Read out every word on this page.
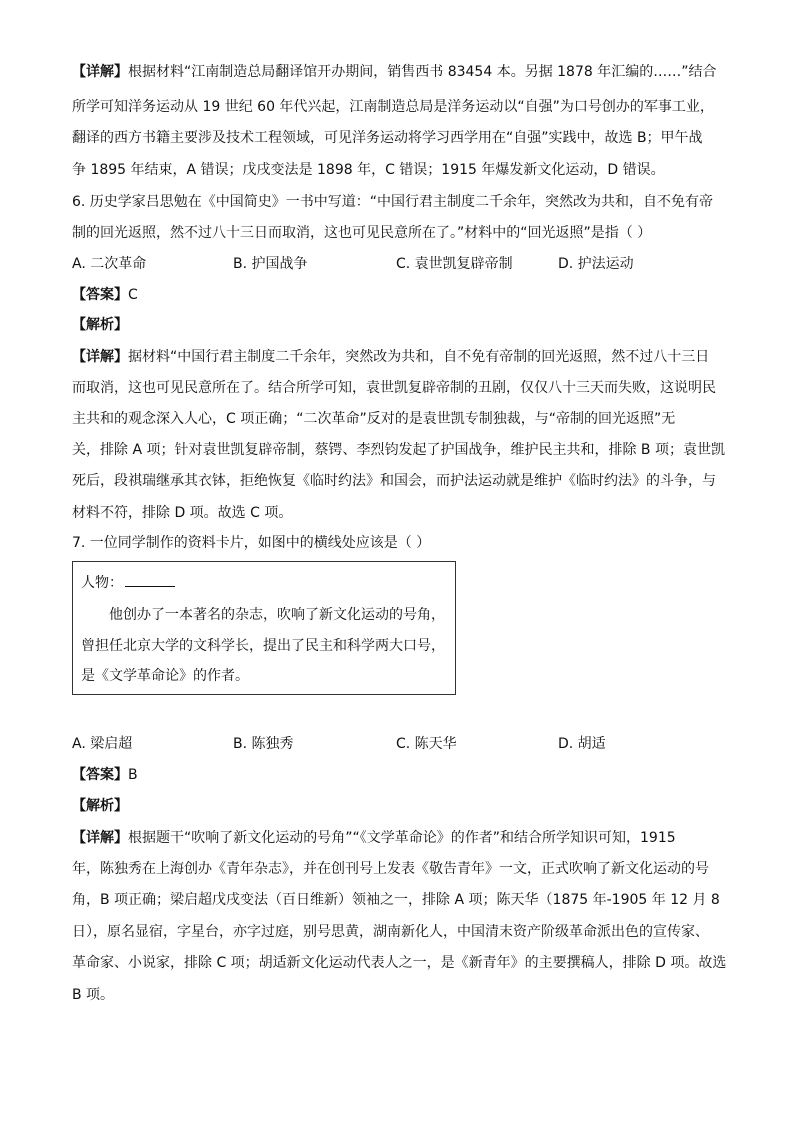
【详解】根据材料“江南制造总局翻译馆开办期间，销售西书 83454 本。另据 1878 年汇编的……”结合
所学可知洋务运动从 19 世纪 60 年代兴起，江南制造总局是洋务运动以“自强”为口号创办的军事工业，
翻译的西方书籍主要涉及技术工程领域，可见洋务运动将学习西学用在“自强”实践中，故选 B；甲午战
争 1895 年结束，A 错误；戊戌变法是 1898 年，C 错误；1915 年爆发新文化运动，D 错误。
6. 历史学家吕思勉在《中国简史》一书中写道：“中国行君主制度二千余年，突然改为共和，自不免有帝
制的回光返照，然不过八十三日而取消，这也可见民意所在了。”材料中的“回光返照”是指（ ）
A. 二次革命	B. 护国战争	C. 袁世凯复辟帝制	D. 护法运动
【答案】C
【解析】
【详解】据材料“中国行君主制度二千余年，突然改为共和，自不免有帝制的回光返照，然不过八十三日
而取消，这也可见民意所在了。结合所学可知，袁世凯复辟帝制的丑剧，仅仅八十三天而失败，这说明民
主共和的观念深入人心，C 项正确；“二次革命”反对的是袁世凯专制独裁，与“帝制的回光返照”无
关，排除 A 项；针对袁世凯复辟帝制，蔡锷、李烈钧发起了护国战争，维护民主共和，排除 B 项；袁世凯
死后，段祺瑞继承其衣钵，拒绝恢复《临时约法》和国会，而护法运动就是维护《临时约法》的斗争，与
材料不符，排除 D 项。故选 C 项。
7. 一位同学制作的资料卡片，如图中的横线处应该是（ ）
人物：
他创办了一本著名的杂志，吹响了新文化运动的号角，
曾担任北京大学的文科学长，提出了民主和科学两大口号，
是《文学革命论》的作者。
A. 梁启超	B. 陈独秀	C. 陈天华	D. 胡适
【答案】B
【解析】
【详解】根据题干“吹响了新文化运动的号角”“《文学革命论》的作者”和结合所学知识可知，1915
年，陈独秀在上海创办《青年杂志》，并在创刊号上发表《敬告青年》一文，正式吹响了新文化运动的号
角，B 项正确；梁启超戊戌变法（百日维新）领袖之一，排除 A 项；陈天华（1875 年-1905 年 12 月 8
日），原名显宿，字星台，亦字过庭，别号思黄，湖南新化人，中国清末资产阶级革命派出色的宣传家、
革命家、小说家，排除 C 项；胡适新文化运动代表人之一，是《新青年》的主要撰稿人，排除 D 项。故选
B 项。
